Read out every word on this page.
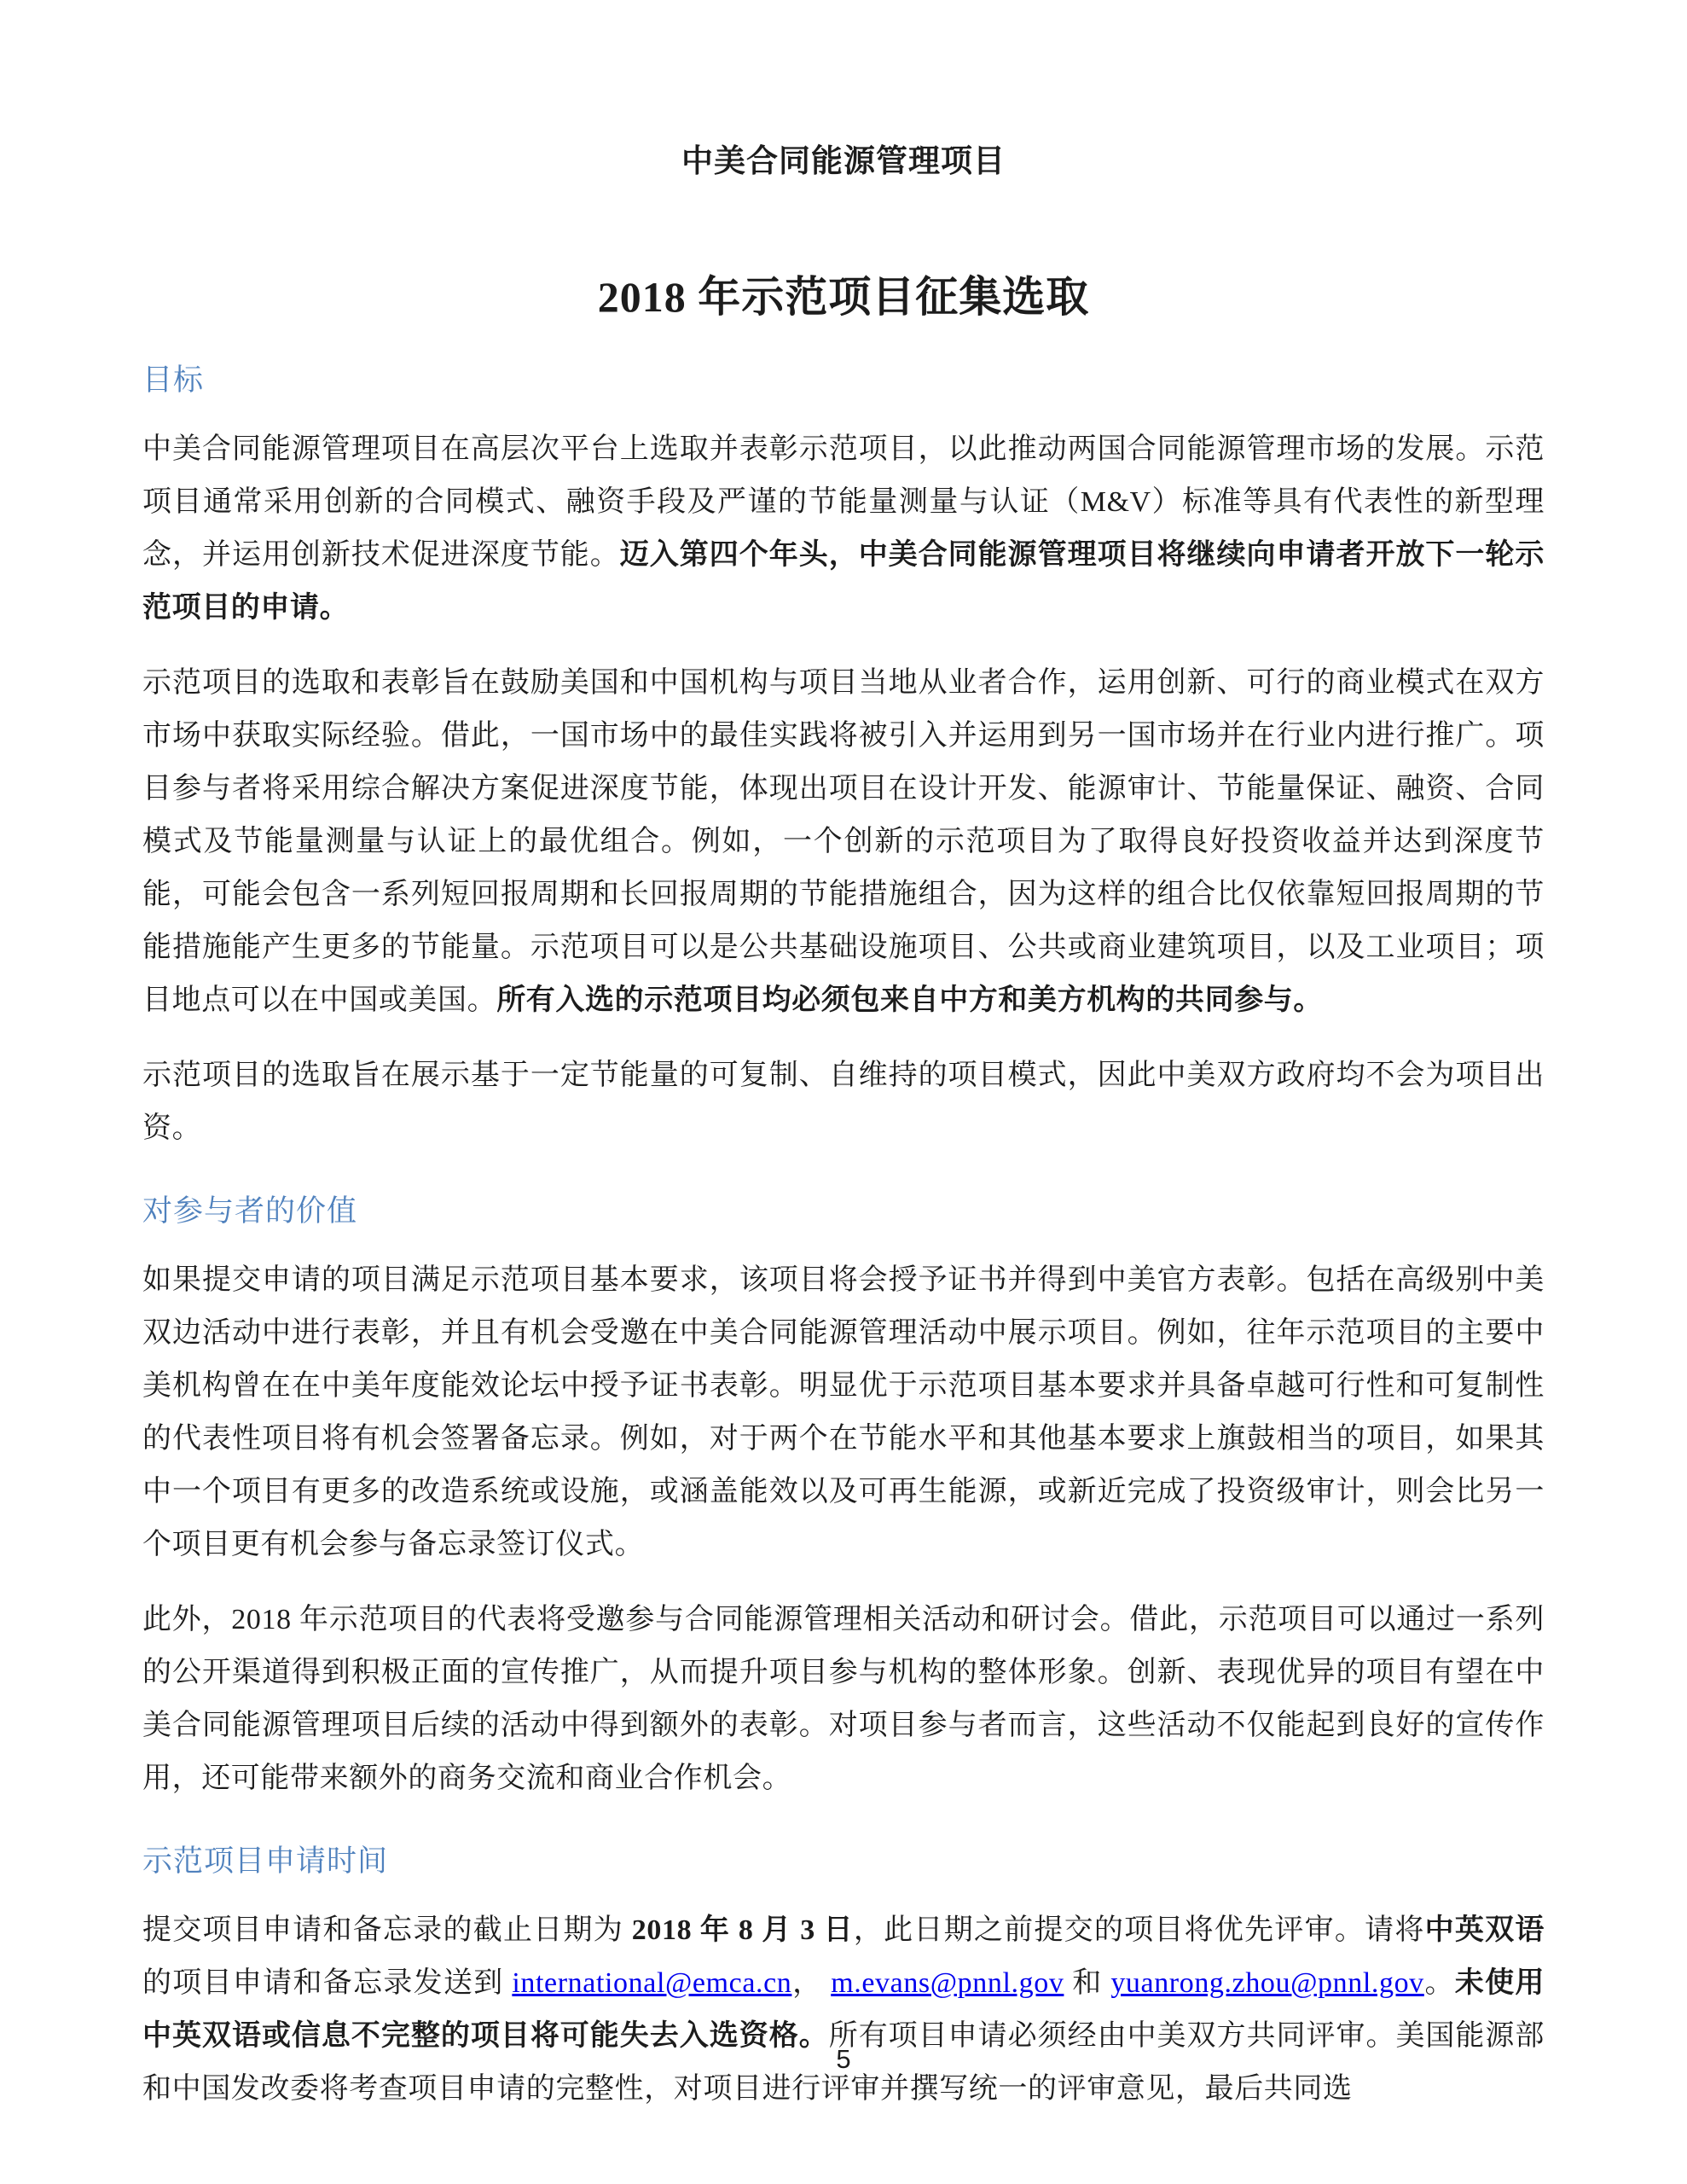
中美合同能源管理项目
2018 年示范项目征集选取
目标

中美合同能源管理项目在高层次平台上选取并表彰示范项目，以此推动两国合同能源管理市场的发展。示范项目通常采用创新的合同模式、融资手段及严谨的节能量测量与认证（M&V）标准等具有代表性的新型理念，并运用创新技术促进深度节能。迈入第四个年头，中美合同能源管理项目将继续向申请者开放下一轮示范项目的申请。

示范项目的选取和表彰旨在鼓励美国和中国机构与项目当地从业者合作，运用创新、可行的商业模式在双方市场中获取实际经验。借此，一国市场中的最佳实践将被引入并运用到另一国市场并在行业内进行推广。项目参与者将采用综合解决方案促进深度节能，体现出项目在设计开发、能源审计、节能量保证、融资、合同模式及节能量测量与认证上的最优组合。例如，一个创新的示范项目为了取得良好投资收益并达到深度节能，可能会包含一系列短回报周期和长回报周期的节能措施组合，因为这样的组合比仅依靠短回报周期的节能措施能产生更多的节能量。示范项目可以是公共基础设施项目、公共或商业建筑项目，以及工业项目；项目地点可以在中国或美国。所有入选的示范项目均必须包来自中方和美方机构的共同参与。

示范项目的选取旨在展示基于一定节能量的可复制、自维持的项目模式，因此中美双方政府均不会为项目出资。

对参与者的价值

如果提交申请的项目满足示范项目基本要求，该项目将会授予证书并得到中美官方表彰。包括在高级别中美双边活动中进行表彰，并且有机会受邀在中美合同能源管理活动中展示项目。例如，往年示范项目的主要中美机构曾在在中美年度能效论坛中授予证书表彰。明显优于示范项目基本要求并具备卓越可行性和可复制性的代表性项目将有机会签署备忘录。例如，对于两个在节能水平和其他基本要求上旗鼓相当的项目，如果其中一个项目有更多的改造系统或设施，或涵盖能效以及可再生能源，或新近完成了投资级审计，则会比另一个项目更有机会参与备忘录签订仪式。

此外，2018 年示范项目的代表将受邀参与合同能源管理相关活动和研讨会。借此，示范项目可以通过一系列的公开渠道得到积极正面的宣传推广，从而提升项目参与机构的整体形象。创新、表现优异的项目有望在中美合同能源管理项目后续的活动中得到额外的表彰。对项目参与者而言，这些活动不仅能起到良好的宣传作用，还可能带来额外的商务交流和商业合作机会。

示范项目申请时间

提交项目申请和备忘录的截止日期为 2018 年 8 月 3 日，此日期之前提交的项目将优先评审。请将中英双语的项目申请和备忘录发送到 international@emca.cn， m.evans@pnnl.gov 和 yuanrong.zhou@pnnl.gov。未使用中英双语或信息不完整的项目将可能失去入选资格。所有项目申请必须经由中美双方共同评审。美国能源部和中国发改委将考查项目申请的完整性，对项目进行评审并撰写统一的评审意见，最后共同选

5
